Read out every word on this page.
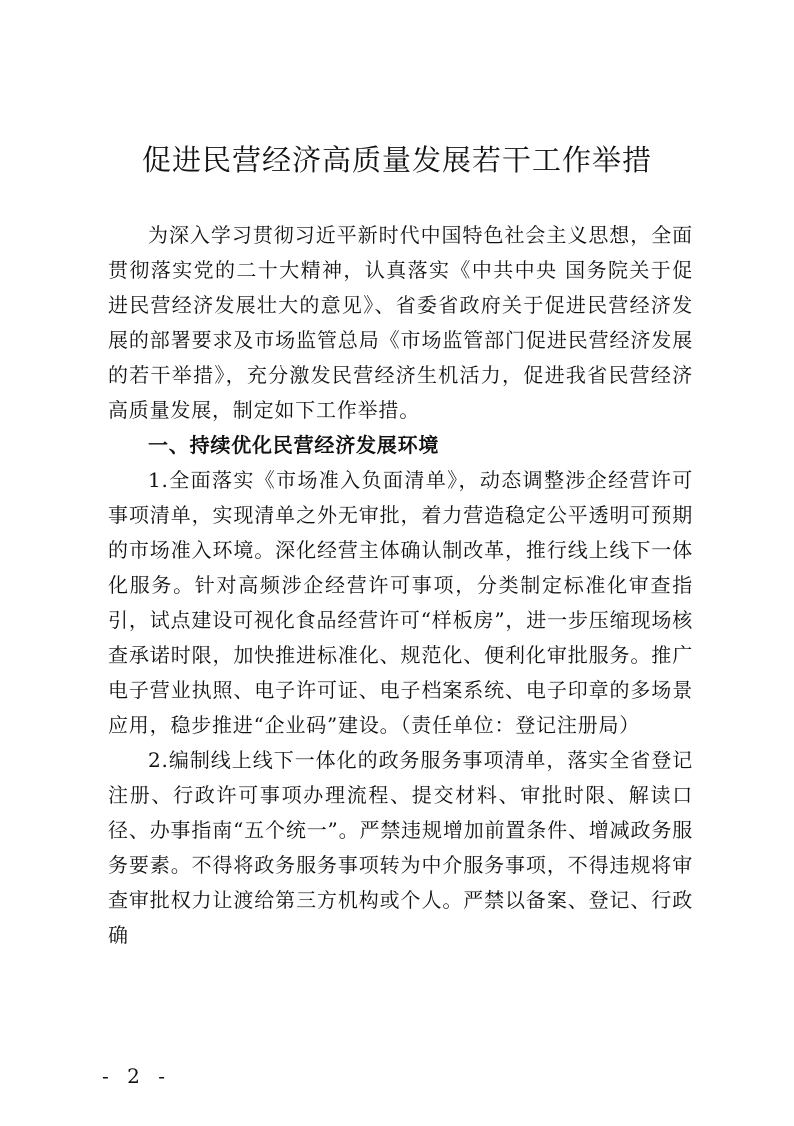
促进民营经济高质量发展若干工作举措

为深入学习贯彻习近平新时代中国特色社会主义思想，全面贯彻落实党的二十大精神，认真落实《中共中央 国务院关于促进民营经济发展壮大的意见》、省委省政府关于促进民营经济发展的部署要求及市场监管总局《市场监管部门促进民营经济发展的若干举措》，充分激发民营经济生机活力，促进我省民营经济高质量发展，制定如下工作举措。

一、持续优化民营经济发展环境

1.全面落实《市场准入负面清单》，动态调整涉企经营许可事项清单，实现清单之外无审批，着力营造稳定公平透明可预期的市场准入环境。深化经营主体确认制改革，推行线上线下一体化服务。针对高频涉企经营许可事项，分类制定标准化审查指引，试点建设可视化食品经营许可“样板房”，进一步压缩现场核查承诺时限，加快推进标准化、规范化、便利化审批服务。推广电子营业执照、电子许可证、电子档案系统、电子印章的多场景应用，稳步推进“企业码”建设。（责任单位：登记注册局）

2.编制线上线下一体化的政务服务事项清单，落实全省登记注册、行政许可事项办理流程、提交材料、审批时限、解读口径、办事指南“五个统一”。严禁违规增加前置条件、增减政务服务要素。不得将政务服务事项转为中介服务事项，不得违规将审查审批权力让渡给第三方机构或个人。严禁以备案、登记、行政确

- 2 -
